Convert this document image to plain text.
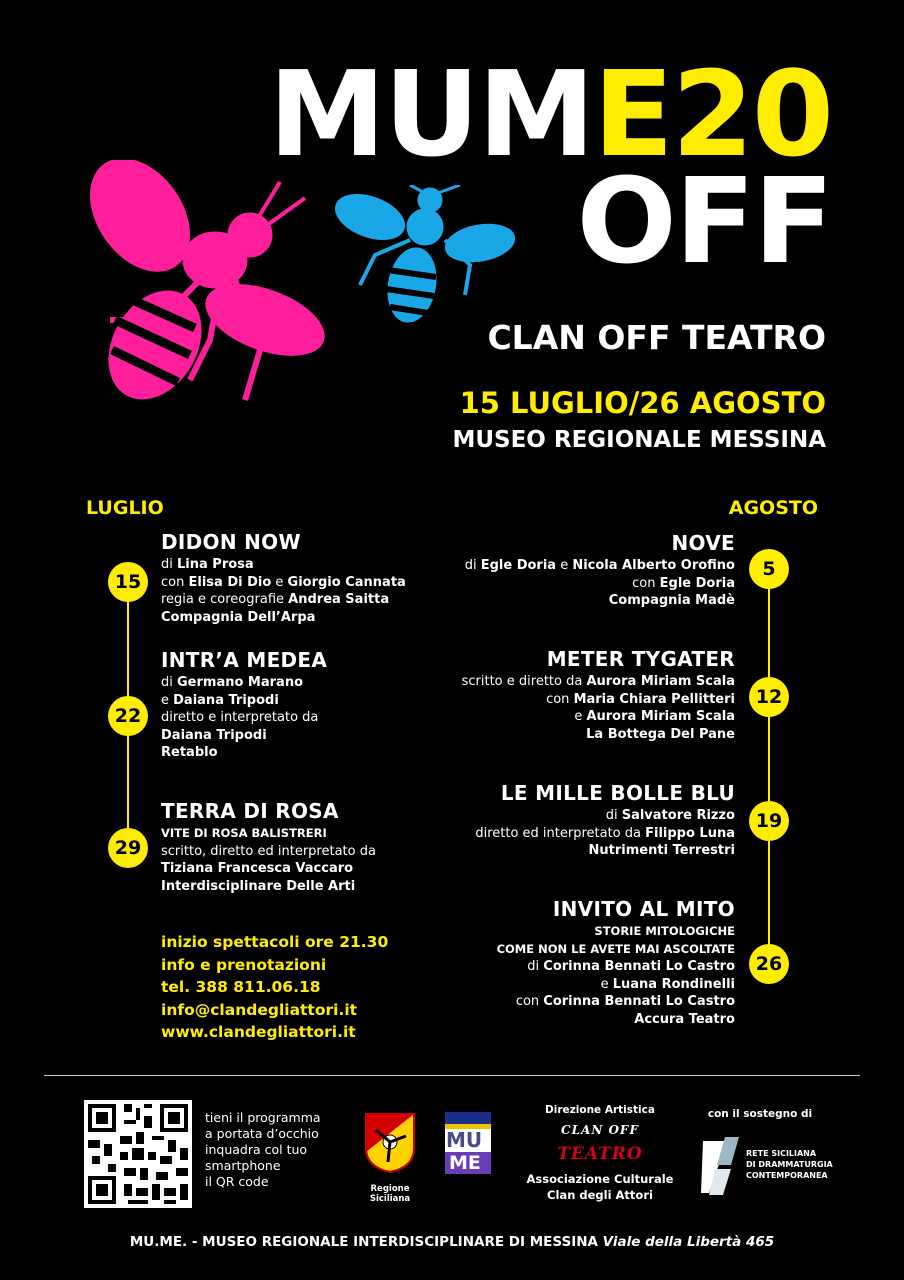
MUME20
OFF
CLAN OFF TEATRO
15 LUGLIO/26 AGOSTO
MUSEO REGIONALE MESSINA
LUGLIO	AGOSTO
15
DIDON NOW
di Lina Prosa
con Elisa Di Dio e Giorgio Cannata
regia e coreografie Andrea Saitta
Compagnia Dell’Arpa
22
INTR’A MEDEA
di Germano Marano
e Daiana Tripodi
diretto e interpretato da
Daiana Tripodi
Retablo
29
TERRA DI ROSA
VITE DI ROSA BALISTRERI
scritto, diretto ed interpretato da
Tiziana Francesca Vaccaro
Interdisciplinare Delle Arti
5
NOVE
di Egle Doria e Nicola Alberto Orofino
con Egle Doria
Compagnia Madè
12
METER TYGATER
scritto e diretto da Aurora Miriam Scala
con Maria Chiara Pellitteri
e Aurora Miriam Scala
La Bottega Del Pane
19
LE MILLE BOLLE BLU
di Salvatore Rizzo
diretto ed interpretato da Filippo Luna
Nutrimenti Terrestri
26
INVITO AL MITO
STORIE MITOLOGICHE
COME NON LE AVETE MAI ASCOLTATE
di Corinna Bennati Lo Castro
e Luana Rondinelli
con Corinna Bennati Lo Castro
Accura Teatro
inizio spettacoli ore 21.30
info e prenotazioni
tel. 388 811.06.18
info@clandegliattori.it
www.clandegliattori.it
tieni il programma
a portata d’occhio
inquadra col tuo
smartphone
il QR code	Regione Siciliana
MU
ME
Direzione Artistica
CLAN OFF
TEATRO
Associazione Culturale
Clan degli Attori
con il sostegno di
RETE SICILIANA
DI DRAMMATURGIA
CONTEMPORANEA
MU.ME. - MUSEO REGIONALE INTERDISCIPLINARE DI MESSINA Viale della Libertà 465
